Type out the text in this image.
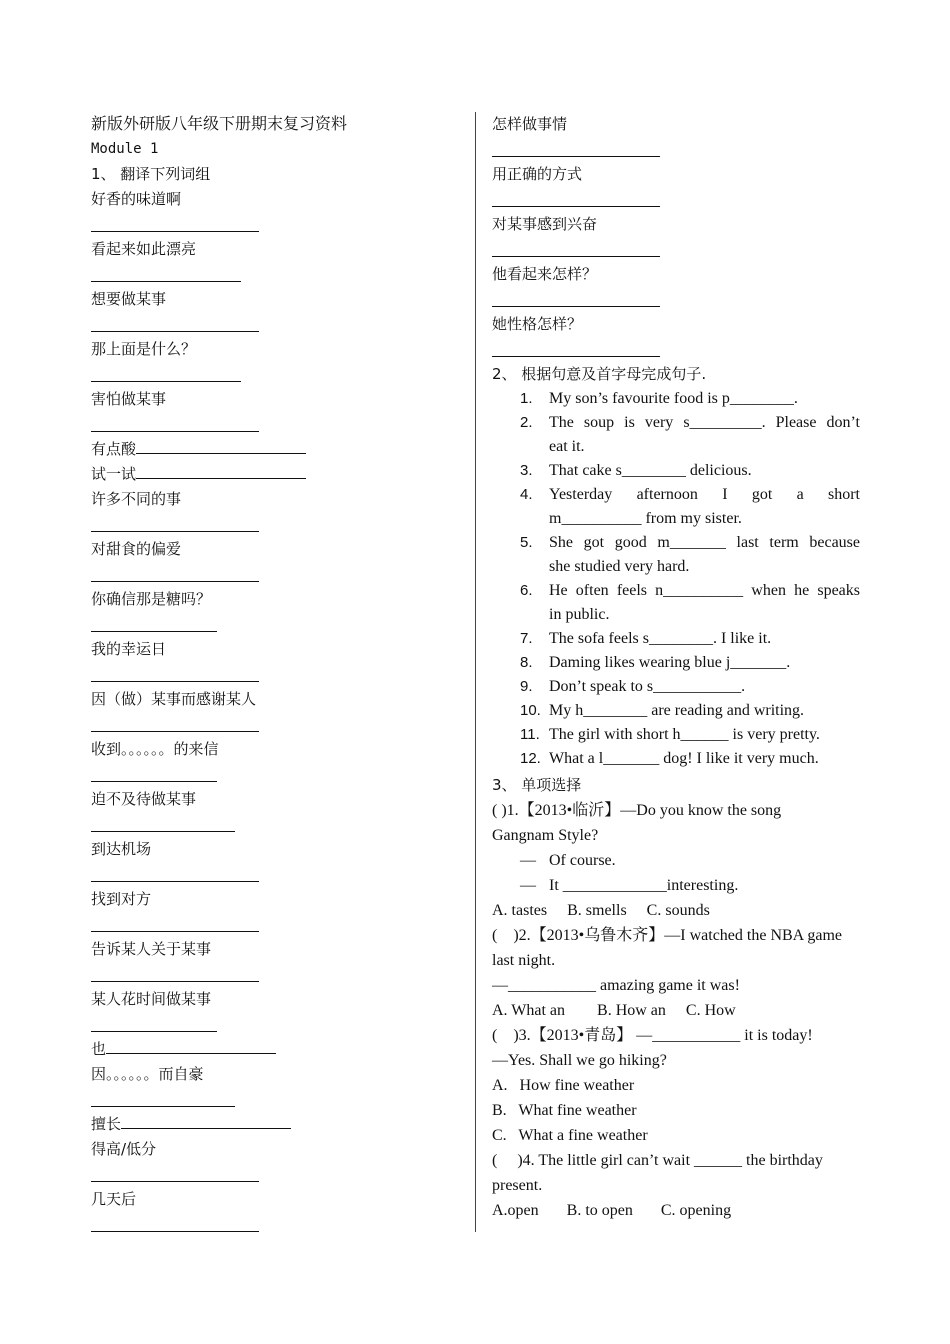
新版外研版八年级下册期末复习资料
Module 1
1、 翻译下列词组
好香的味道啊
看起来如此漂亮
想要做某事
那上面是什么？
害怕做某事
有点酸
试一试
许多不同的事
对甜食的偏爱
你确信那是糖吗？
我的幸运日
因（做）某事而感谢某人
收到。。。。。。的来信
迫不及待做某事
到达机场
找到对方
告诉某人关于某事
某人花时间做某事
也
因。。。。。。而自豪
擅长
得高/低分
几天后
怎样做事情
用正确的方式
对某事感到兴奋
他看起来怎样？
她性格怎样？
2、 根据句意及首字母完成句子.
1.	My son’s favourite food is p________.
2.	The soup is very s_________. Please don’t
eat it.
3.	That cake s________ delicious.
4.	Yesterday afternoon I got a short
m__________ from my sister.
5.	She got good m_______ last term because
she studied very hard.
6.	He often feels n__________ when he speaks
in public.
7.	The sofa feels s________. I like it.
8.	Daming likes wearing blue j_______.
9.	Don’t speak to s___________.
10. My h________ are reading and writing.
11. The girl with short h______ is very pretty.
12. What a l_______ dog! I like it very much.
3、 单项选择
( )1.【2013•临沂】—Do you know the song
Gangnam Style?
— Of course.
— It _____________interesting.
A. tastes     B. smells     C. sounds
(    )2.【2013•乌鲁木齐】—I watched the NBA game
last night.
—___________ amazing game it was!
A. What an        B. How an     C. How
(    )3.【2013•青岛】 —___________ it is today!
—Yes. Shall we go hiking?
A.   How fine weather
B.   What fine weather
C.   What a fine weather
(     )4. The little girl can’t wait ______ the birthday
present.
A.open       B. to open       C. opening
